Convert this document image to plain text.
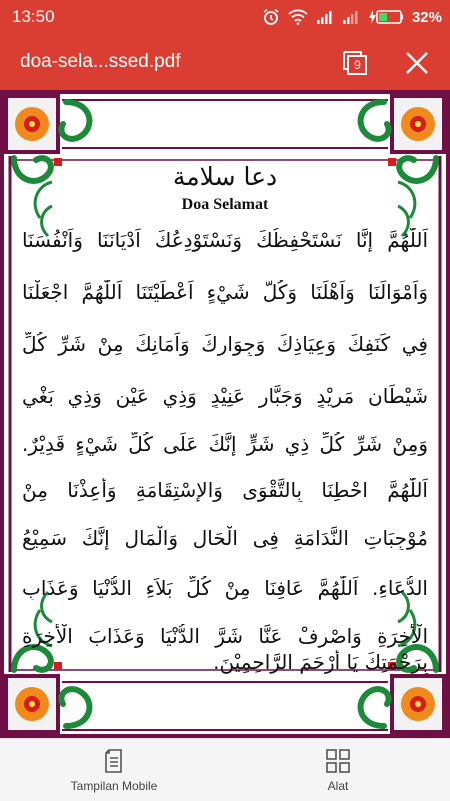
13:50	32%
doa-sela...ssed.pdf	9
دعا سلامة
Doa Selamat
اَللّٰهُمَّ إِنَّا نَسْتَحْفِظُكَ وَنَسْتَوْدِعُكَ اَدْيَانَنَا وَاَنْفُسَنَا
وَاَمْوَالَنَا وَاَهْلَنَا وَكُلَّ شَيْءٍ اَعْطَيْتَنَا اَللّٰهُمَّ اجْعَلْنَا
فِي كَنَفِكَ وَعِيَاذِكَ وَجِوَارِكَ وَاَمَانِكَ مِنْ شَرِّ كُلِّ
شَيْطَانٍ مَرِيْدٍ وَجَبَّارٍ عَنِيْدٍ وَذِي عَيْنٍ وَذِي بَغْيٍ
وَمِنْ شَرِّ كُلِّ ذِي شَرٍّ إِنَّكَ عَلَى كُلِّ شَيْءٍ قَدِيْرٌ.
اَللّٰهُمَّ احْطِنَا بِالتَّقْوَى وَالإِسْتِقَامَةِ وَأَعِذْنَا مِنْ
مُوْجِبَاتِ النَّدَامَةِ فِى الْحَالِ وَالْمَالِ إِنَّكَ سَمِيْعُ
الدُّعَاءِ. اَللّٰهُمَّ عَافِنَا مِنْ كُلِّ بَلاَءِ الدُّنْيَا وَعَذَابِ
الْأٰخِرَةِ وَاصْرِفْ عَنَّا شَرَّ الدُّنْيَا وَعَذَابَ الْأٰخِرَةِ
بِرَحْمَتِكَ يَا أَرْحَمَ الرَّاحِمِيْنَ.
Tampilan Mobile	Alat
